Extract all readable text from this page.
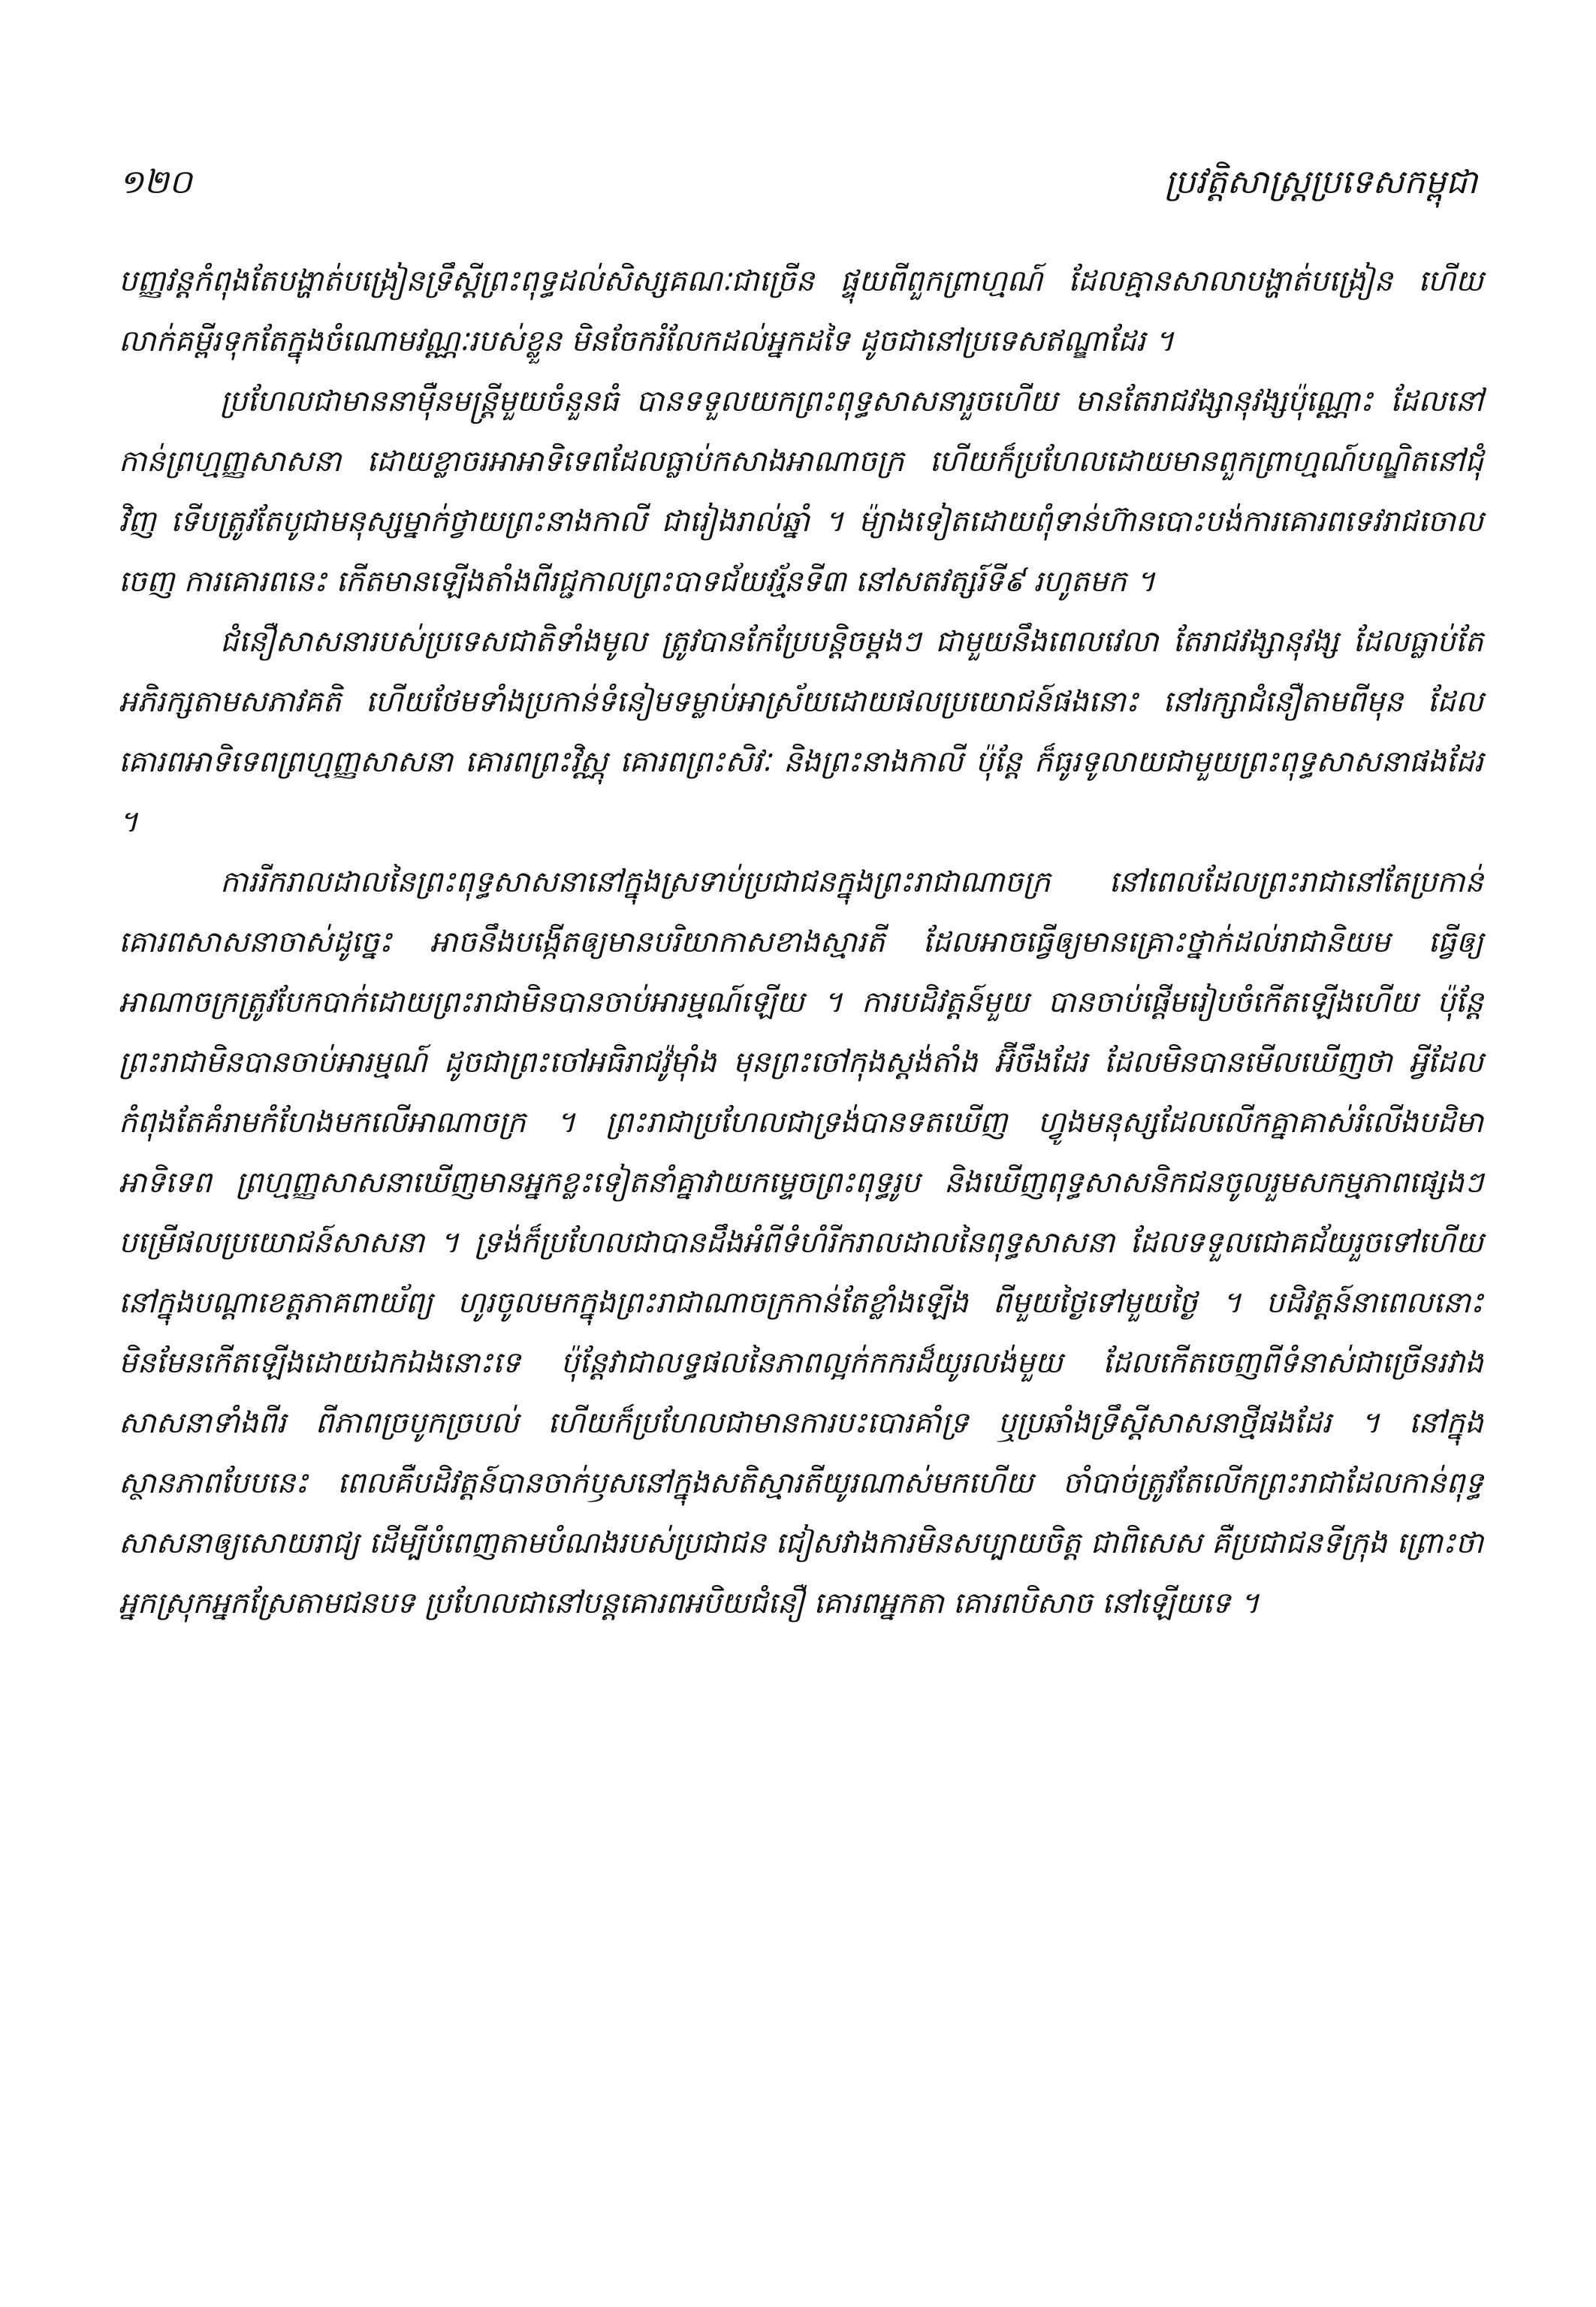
១២០	ប្រវត្តិសាស្ត្រប្រទេសកម្ពុជា

បញ្ញវន្តកំពុងតែបង្ហាត់បង្រៀនទ្រឹស្តីព្រះពុទ្ធដល់សិស្សគណៈជាច្រើន ផ្ទុយពីពួកព្រាហ្មណ៍ ដែលគ្មានសាលាបង្ហាត់បង្រៀន ហើយលាក់គម្ពីរទុកតែក្នុងចំណោមវណ្ណៈរបស់ខ្លួន មិនចែករំលែកដល់អ្នកដទៃ ដូចជានៅប្រទេសឥណ្ឌាដែរ ។

ប្រហែលជាមាននាម៉ឺនមន្ត្រីមួយចំនួនធំ បានទទួលយកព្រះពុទ្ធសាសនារួចហើយ មានតែរាជវង្សានុវង្សប៉ុណ្ណោះ ដែលនៅកាន់ព្រហ្មញ្ញសាសនា ដោយខ្លាចរអាអាទិទេពដែលធ្លាប់កសាងអាណាចក្រ ហើយក៏ប្រហែលដោយមានពួកព្រាហ្មណ៍បណ្ឌិតនៅជុំវិញ ទើបត្រូវតែបូជាមនុស្សម្នាក់ថ្វាយព្រះនាងកាលី ជារៀងរាល់ឆ្នាំ ។ ម៉្យាងទៀតដោយពុំទាន់ហ៊ានបោះបង់ការគោរពទេវរាជចោលចេញ ការគោរពនេះ កើតមានឡើងតាំងពីរជ្ជកាលព្រះបាទជ័យវរ្ម័នទី៣ នៅសតវត្សរ៍ទី៩ រហូតមក ។

ជំនឿសាសនារបស់ប្រទេសជាតិទាំងមូល ត្រូវបានកែប្រែបន្តិចម្តងៗ ជាមួយនឹងពេលវេលា តែរាជវង្សានុវង្ស ដែលធ្លាប់តែអភិរក្សតាមសភាវគតិ ហើយថែមទាំងប្រកាន់ទំនៀមទម្លាប់អាស្រ័យដោយផលប្រយោជន៍ផងនោះ នៅរក្សាជំនឿតាមពីមុន ដែលគោរពអាទិទេពព្រហ្មញ្ញសាសនា គោរពព្រះវិស្ណុ គោរពព្រះសិវៈ និងព្រះនាងកាលី ប៉ុន្តែ ក៏ធូរទូលាយជាមួយព្រះពុទ្ធសាសនាផងដែរ ។

ការរីករាលដាលនៃព្រះពុទ្ធសាសនានៅក្នុងស្រទាប់ប្រជាជនក្នុងព្រះរាជាណាចក្រ នៅពេលដែលព្រះរាជានៅតែប្រកាន់គោរពសាសនាចាស់ដូច្នេះ អាចនឹងបង្កើតឲ្យមានបរិយាកាសខាងស្មារតី ដែលអាចធ្វើឲ្យមានគ្រោះថ្នាក់ដល់រាជានិយម ធ្វើឲ្យអាណាចក្រត្រូវបែកបាក់ដោយព្រះរាជាមិនបានចាប់អារម្មណ៍ឡើយ ។ ការបដិវត្តន៍មួយ បានចាប់ផ្តើមរៀបចំកើតឡើងហើយ ប៉ុន្តែ ព្រះរាជាមិនបានចាប់អារម្មណ៍ ដូចជាព្រះចៅអធិរាជវ៉ូម៉ាំង មុនព្រះចៅកុងស្តង់តាំង អ៊ីចឹងដែរ ដែលមិនបានមើលឃើញថា អ្វីដែលកំពុងតែគំរាមកំហែងមកលើអាណាចក្រ ។ ព្រះរាជាប្រហែលជាទ្រង់បានទតឃើញ ហ្វូងមនុស្សដែលលើកគ្នាគាស់រំលើងបដិមាអាទិទេព ព្រហ្មញ្ញសាសនាឃើញមានអ្នកខ្លះទៀតនាំគ្នាវាយកម្ទេចព្រះពុទ្ធរូប និងឃើញពុទ្ធសាសនិកជនចូលរួមសកម្មភាពផ្សេងៗ បម្រើផលប្រយោជន៍សាសនា ។ ទ្រង់ក៏ប្រហែលជាបានដឹងអំពីទំហំរីករាលដាលនៃពុទ្ធសាសនា ដែលទទួលជោគជ័យរួចទៅហើយ នៅក្នុងបណ្តាខេត្តភាគពាយ័ព្យ ហូរចូលមកក្នុងព្រះរាជាណាចក្រកាន់តែខ្លាំងឡើង ពីមួយថ្ងៃទៅមួយថ្ងៃ ។ បដិវត្តន៍នាពេលនោះ មិនមែនកើតឡើងដោយឯកឯងនោះទេ ប៉ុន្តែវាជាលទ្ធផលនៃភាពល្អក់កករដ៏យូរលង់មួយ ដែលកើតចេញពីទំនាស់ជាច្រើនរវាងសាសនាទាំងពីរ ពីភាពច្របូកច្របល់ ហើយក៏ប្រហែលជាមានការបះបោរគាំទ្រ ឬប្រឆាំងទ្រឹស្តីសាសនាថ្មីផងដែរ ។ នៅក្នុងស្ថានភាពបែបនេះ ពេលគឺបដិវត្តន៍បានចាក់ឫសនៅក្នុងសតិស្មារតីយូរណាស់មកហើយ ចាំបាច់ត្រូវតែលើកព្រះរាជាដែលកាន់ពុទ្ធសាសនាឲ្យសោយរាជ្យ ដើម្បីបំពេញតាមបំណងរបស់ប្រជាជន ជៀសវាងការមិនសប្បាយចិត្ត ជាពិសេស គឺប្រជាជនទីក្រុង ព្រោះថាអ្នកស្រុកអ្នកស្រែតាមជនបទ ប្រហែលជានៅបន្តគោរពអបិយជំនឿ គោរពអ្នកតា គោរពបិសាច នៅឡើយទេ ។
